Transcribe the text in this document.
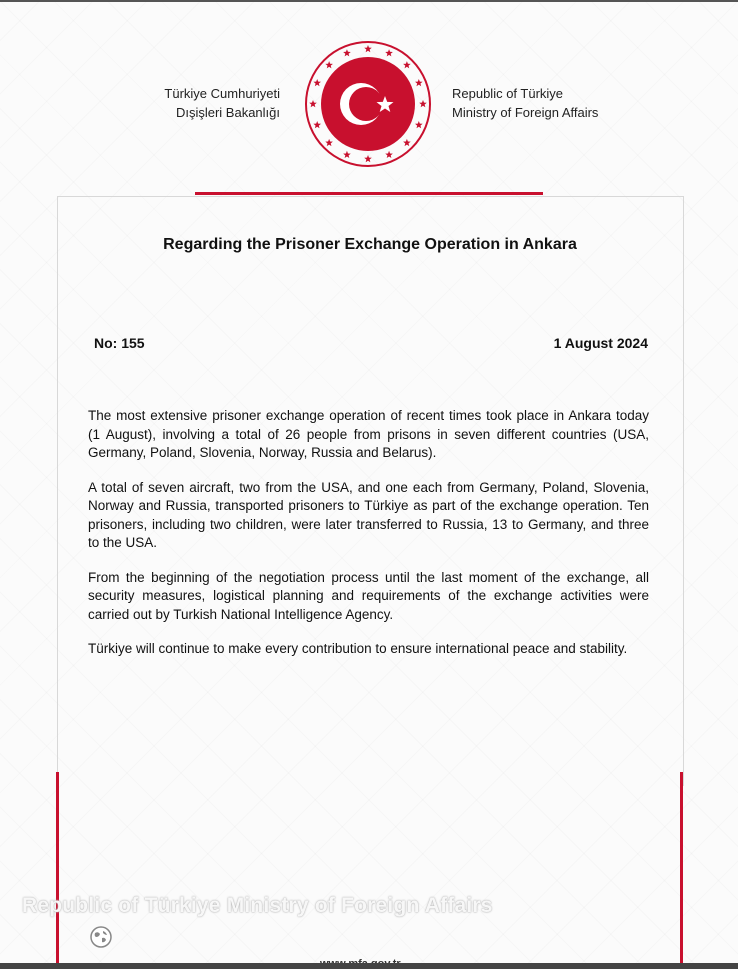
Türkiye Cumhuriyeti
Dışişleri Bakanlığı
Republic of Türkiye
Ministry of Foreign Affairs
Regarding the Prisoner Exchange Operation in Ankara
No: 155	1 August 2024

The most extensive prisoner exchange operation of recent times took place in Ankara today (1 August), involving a total of 26 people from prisons in seven different countries (USA, Germany, Poland, Slovenia, Norway, Russia and Belarus).

A total of seven aircraft, two from the USA, and one each from Germany, Poland, Slovenia, Norway and Russia, transported prisoners to Türkiye as part of the exchange operation. Ten prisoners, including two children, were later transferred to Russia, 13 to Germany, and three to the USA.

From the beginning of the negotiation process until the last moment of the exchange, all security measures, logistical planning and requirements of the exchange activities were carried out by Turkish National Intelligence Agency.

Türkiye will continue to make every contribution to ensure international peace and stability.

Republic of Türkiye Ministry of Foreign Affairs
